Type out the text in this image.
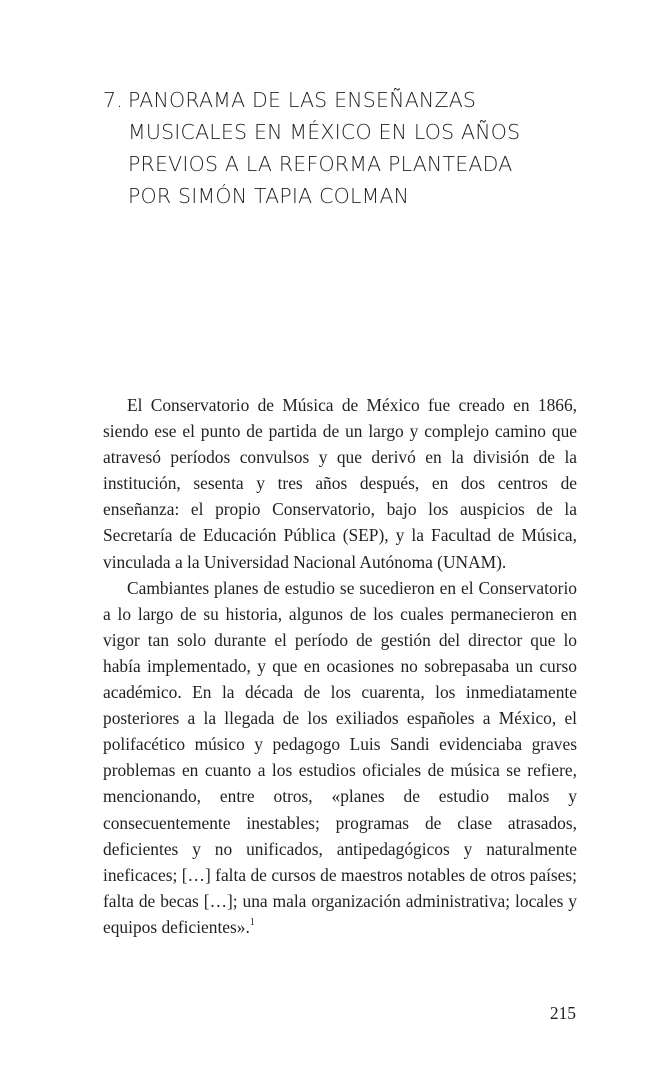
7. PANORAMA DE LAS ENSEÑANZAS
MUSICALES EN MÉXICO EN LOS AÑOS
PREVIOS A LA REFORMA PLANTEADA
POR SIMÓN TAPIA COLMAN

El Conservatorio de Música de México fue creado en 1866, siendo ese el punto de partida de un largo y complejo camino que atravesó períodos convulsos y que derivó en la división de la institución, sesenta y tres años después, en dos centros de enseñanza: el propio Conservatorio, bajo los auspicios de la Secretaría de Educación Pública (SEP), y la Facultad de Música, vinculada a la Universidad Nacional Autónoma (UNAM).

Cambiantes planes de estudio se sucedieron en el Conservatorio a lo largo de su historia, algunos de los cuales permanecieron en vigor tan solo durante el período de gestión del director que lo había implementado, y que en ocasiones no sobrepasaba un curso académico. En la década de los cuarenta, los inmediatamente posteriores a la llegada de los exiliados españoles a México, el polifacético músico y pedagogo Luis Sandi evidenciaba graves problemas en cuanto a los estudios oficiales de música se refiere, mencionando, entre otros, «planes de estudio malos y consecuentemente inestables; programas de clase atrasados, deficientes y no unificados, antipedagógicos y naturalmente ineficaces; […] falta de cursos de maestros notables de otros países; falta de becas […]; una mala organización administrativa; locales y equipos deficientes».$^1$

215
